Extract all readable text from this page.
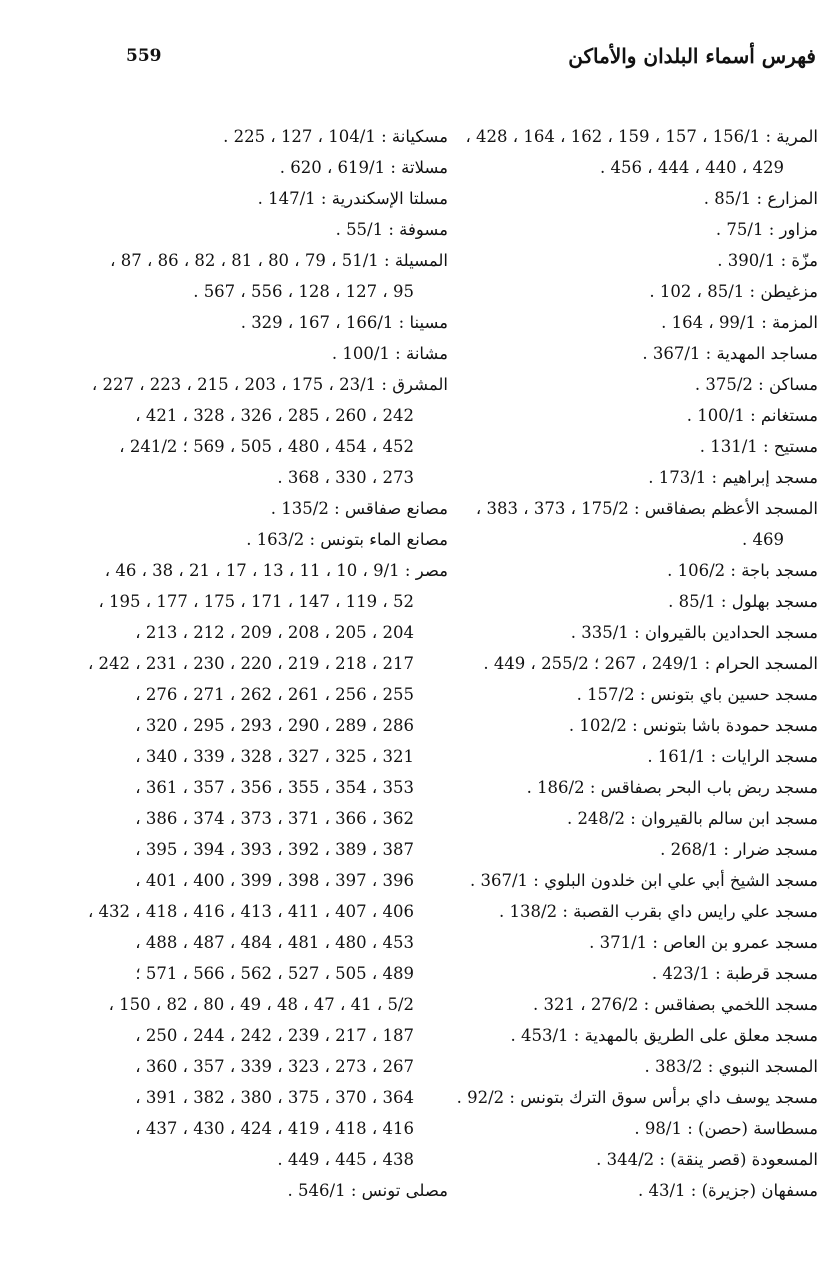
559	فهرس أسماء البلدان والأماكن
المرية : 156/1 ، 157 ، 159 ، 162 ، 164 ، 428 ،
429 ، 440 ، 444 ، 456 .
المزارع : 85/1 .
مزاور : 75/1 .
مزّة : 390/1 .
مزغيطن : 85/1 ، 102 .
المزمة : 99/1 ، 164 .
مساجد المهدية : 367/1 .
مساكن : 375/2 .
مستغانم : 100/1 .
مستيح : 131/1 .
مسجد إبراهيم : 173/1 .
المسجد الأعظم بصفاقس : 175/2 ، 373 ، 383 ،
469 .
مسجد باجة : 106/2 .
مسجد بهلول : 85/1 .
مسجد الحدادين بالقيروان : 335/1 .
المسجد الحرام : 249/1 ، 267 ؛ 255/2 ، 449 .
مسجد حسين باي بتونس : 157/2 .
مسجد حمودة باشا بتونس : 102/2 .
مسجد الرايات : 161/1 .
مسجد ربض باب البحر بصفاقس : 186/2 .
مسجد ابن سالم بالقيروان : 248/2 .
مسجد ضرار : 268/1 .
مسجد الشيخ أبي علي ابن خلدون البلوي : 367/1 .
مسجد علي رايس داي بقرب القصبة : 138/2 .
مسجد عمرو بن العاص : 371/1 .
مسجد قرطبة : 423/1 .
مسجد اللخمي بصفاقس : 276/2 ، 321 .
مسجد معلق على الطريق بالمهدية : 453/1 .
المسجد النبوي : 383/2 .
مسجد يوسف داي برأس سوق الترك بتونس : 92/2 .
مسطاسة (حصن) : 98/1 .
المسعودة (قصر ينقة) : 344/2 .
مسفهان (جزيرة) : 43/1 .
مسكيانة : 104/1 ، 127 ، 225 .
مسلاتة : 619/1 ، 620 .
مسلتا الإسكندرية : 147/1 .
مسوفة : 55/1 .
المسيلة : 51/1 ، 79 ، 80 ، 81 ، 82 ، 86 ، 87 ،
95 ، 127 ، 128 ، 556 ، 567 .
مسينا : 166/1 ، 167 ، 329 .
مشانة : 100/1 .
المشرق : 23/1 ، 175 ، 203 ، 215 ، 223 ، 227 ،
242 ، 260 ، 285 ، 326 ، 328 ، 421 ،
452 ، 454 ، 480 ، 505 ، 569 ؛ 241/2 ،
273 ، 330 ، 368 .
مصانع صفاقس : 135/2 .
مصانع الماء بتونس : 163/2 .
مصر : 9/1 ، 10 ، 11 ، 13 ، 17 ، 21 ، 38 ، 46 ،
52 ، 119 ، 147 ، 171 ، 175 ، 177 ، 195 ،
204 ، 205 ، 208 ، 209 ، 212 ، 213 ،
217 ، 218 ، 219 ، 220 ، 230 ، 231 ، 242 ،
255 ، 256 ، 261 ، 262 ، 271 ، 276 ،
286 ، 289 ، 290 ، 293 ، 295 ، 320 ،
321 ، 325 ، 327 ، 328 ، 339 ، 340 ،
353 ، 354 ، 355 ، 356 ، 357 ، 361 ،
362 ، 366 ، 371 ، 373 ، 374 ، 386 ،
387 ، 389 ، 392 ، 393 ، 394 ، 395 ،
396 ، 397 ، 398 ، 399 ، 400 ، 401 ،
406 ، 407 ، 411 ، 413 ، 416 ، 418 ، 432 ،
453 ، 480 ، 481 ، 484 ، 487 ، 488 ،
489 ، 505 ، 527 ، 562 ، 566 ، 571 ؛
5/2 ، 41 ، 47 ، 48 ، 49 ، 80 ، 82 ، 150 ،
187 ، 217 ، 239 ، 242 ، 244 ، 250 ،
267 ، 273 ، 323 ، 339 ، 357 ، 360 ،
364 ، 370 ، 375 ، 380 ، 382 ، 391 ،
416 ، 418 ، 419 ، 424 ، 430 ، 437 ،
438 ، 445 ، 449 .
مصلى تونس : 546/1 .
